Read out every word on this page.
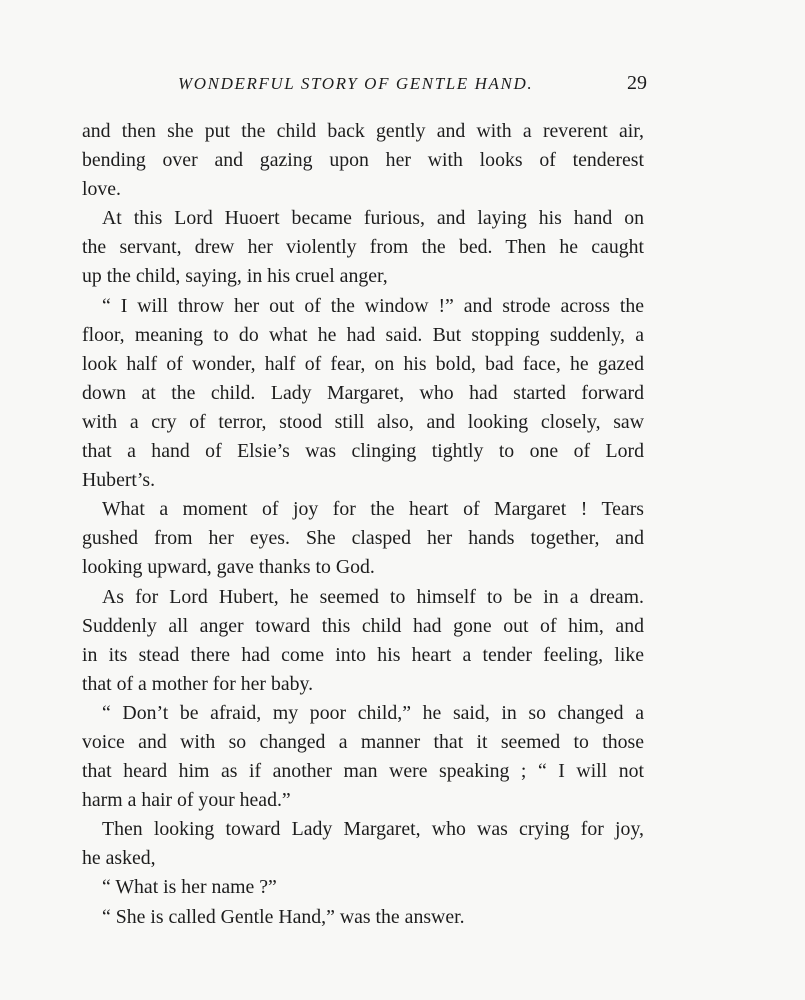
WONDERFUL STORY OF GENTLE HAND.	29
and then she put the child back gently and with a reverent air,
bending over and gazing upon her with looks of tenderest
love.
At this Lord Huoert became furious, and laying his hand on
the servant, drew her violently from the bed. Then he caught
up the child, saying, in his cruel anger,
“ I will throw her out of the window !” and strode across the
floor, meaning to do what he had said. But stopping suddenly, a
look half of wonder, half of fear, on his bold, bad face, he gazed
down at the child. Lady Margaret, who had started forward
with a cry of terror, stood still also, and looking closely, saw
that a hand of Elsie’s was clinging tightly to one of Lord
Hubert’s.
What a moment of joy for the heart of Margaret ! Tears
gushed from her eyes. She clasped her hands together, and
looking upward, gave thanks to God.
As for Lord Hubert, he seemed to himself to be in a dream.
Suddenly all anger toward this child had gone out of him, and
in its stead there had come into his heart a tender feeling, like
that of a mother for her baby.
“ Don’t be afraid, my poor child,” he said, in so changed a
voice and with so changed a manner that it seemed to those
that heard him as if another man were speaking ; “ I will not
harm a hair of your head.”
Then looking toward Lady Margaret, who was crying for joy,
he asked,
“ What is her name ?”
“ She is called Gentle Hand,” was the answer.
